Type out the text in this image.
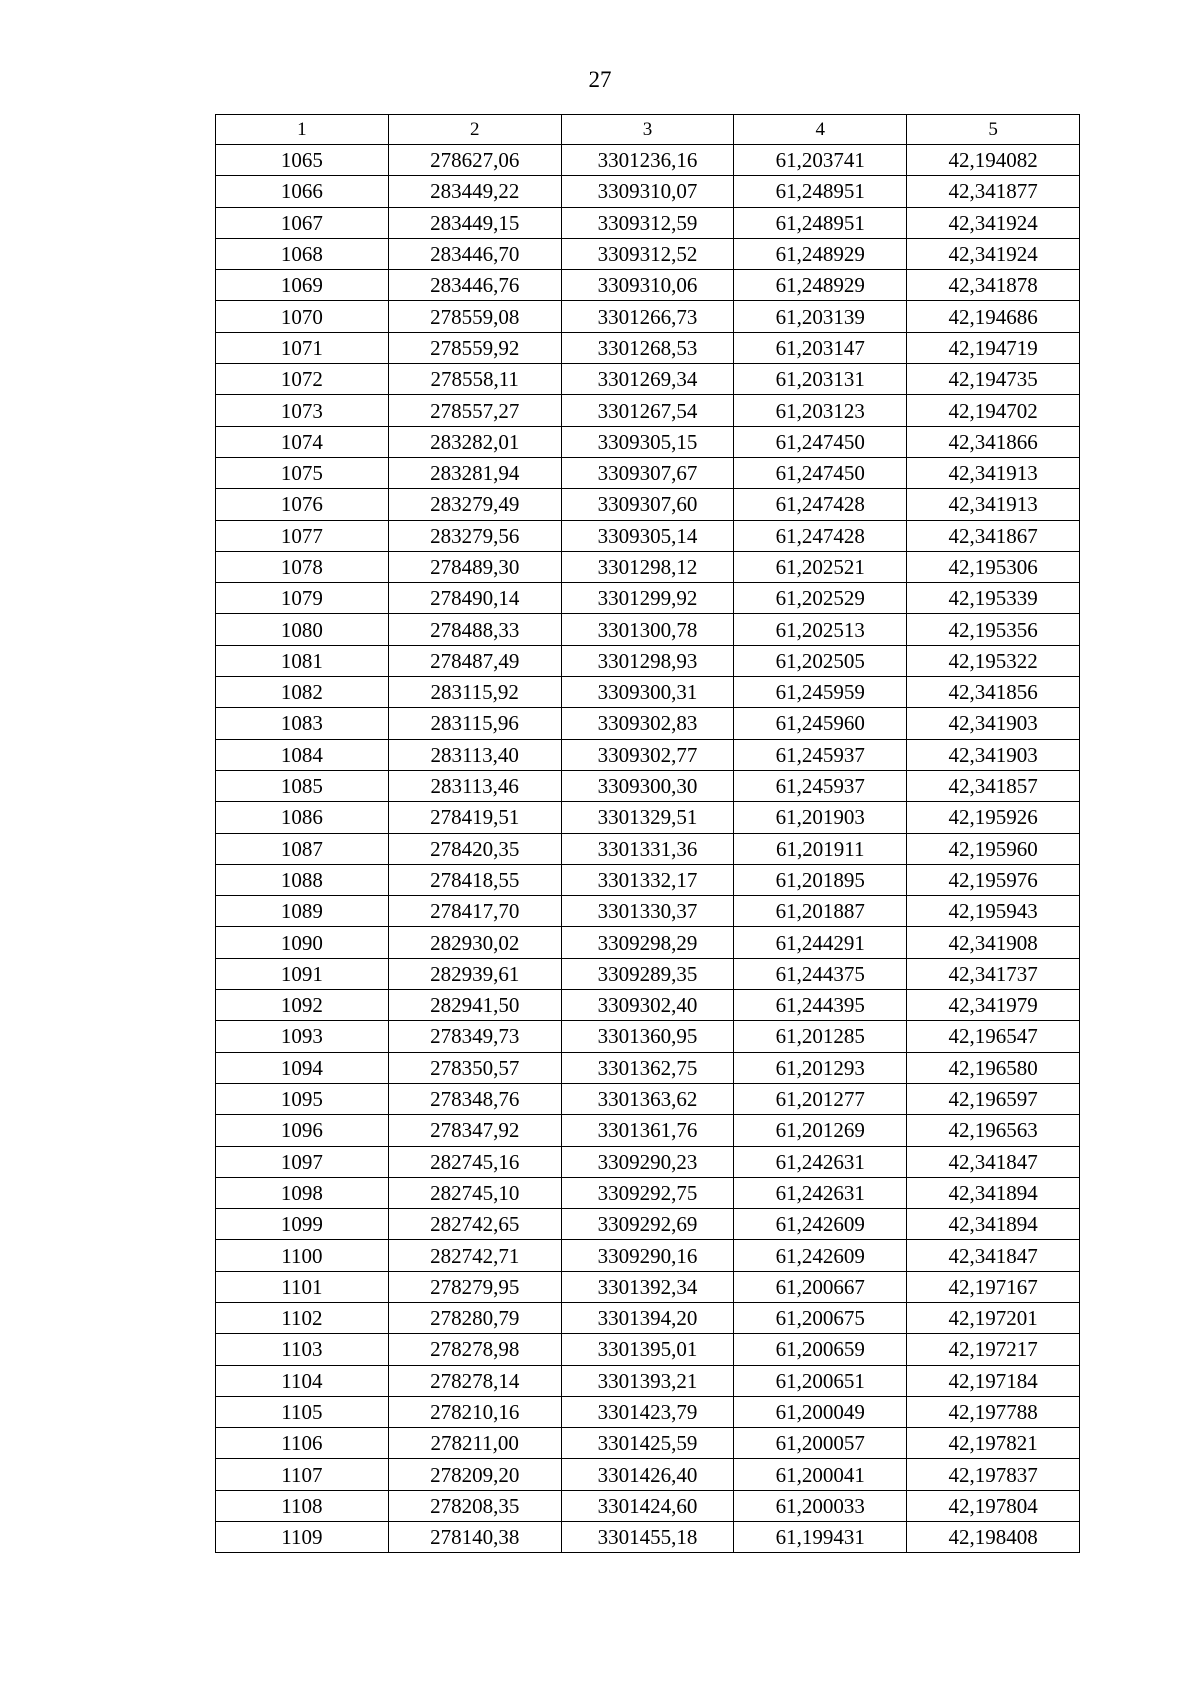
27
1	2	3	4	5
1065	278627,06	3301236,16	61,203741	42,194082
1066	283449,22	3309310,07	61,248951	42,341877
1067	283449,15	3309312,59	61,248951	42,341924
1068	283446,70	3309312,52	61,248929	42,341924
1069	283446,76	3309310,06	61,248929	42,341878
1070	278559,08	3301266,73	61,203139	42,194686
1071	278559,92	3301268,53	61,203147	42,194719
1072	278558,11	3301269,34	61,203131	42,194735
1073	278557,27	3301267,54	61,203123	42,194702
1074	283282,01	3309305,15	61,247450	42,341866
1075	283281,94	3309307,67	61,247450	42,341913
1076	283279,49	3309307,60	61,247428	42,341913
1077	283279,56	3309305,14	61,247428	42,341867
1078	278489,30	3301298,12	61,202521	42,195306
1079	278490,14	3301299,92	61,202529	42,195339
1080	278488,33	3301300,78	61,202513	42,195356
1081	278487,49	3301298,93	61,202505	42,195322
1082	283115,92	3309300,31	61,245959	42,341856
1083	283115,96	3309302,83	61,245960	42,341903
1084	283113,40	3309302,77	61,245937	42,341903
1085	283113,46	3309300,30	61,245937	42,341857
1086	278419,51	3301329,51	61,201903	42,195926
1087	278420,35	3301331,36	61,201911	42,195960
1088	278418,55	3301332,17	61,201895	42,195976
1089	278417,70	3301330,37	61,201887	42,195943
1090	282930,02	3309298,29	61,244291	42,341908
1091	282939,61	3309289,35	61,244375	42,341737
1092	282941,50	3309302,40	61,244395	42,341979
1093	278349,73	3301360,95	61,201285	42,196547
1094	278350,57	3301362,75	61,201293	42,196580
1095	278348,76	3301363,62	61,201277	42,196597
1096	278347,92	3301361,76	61,201269	42,196563
1097	282745,16	3309290,23	61,242631	42,341847
1098	282745,10	3309292,75	61,242631	42,341894
1099	282742,65	3309292,69	61,242609	42,341894
1100	282742,71	3309290,16	61,242609	42,341847
1101	278279,95	3301392,34	61,200667	42,197167
1102	278280,79	3301394,20	61,200675	42,197201
1103	278278,98	3301395,01	61,200659	42,197217
1104	278278,14	3301393,21	61,200651	42,197184
1105	278210,16	3301423,79	61,200049	42,197788
1106	278211,00	3301425,59	61,200057	42,197821
1107	278209,20	3301426,40	61,200041	42,197837
1108	278208,35	3301424,60	61,200033	42,197804
1109	278140,38	3301455,18	61,199431	42,198408
